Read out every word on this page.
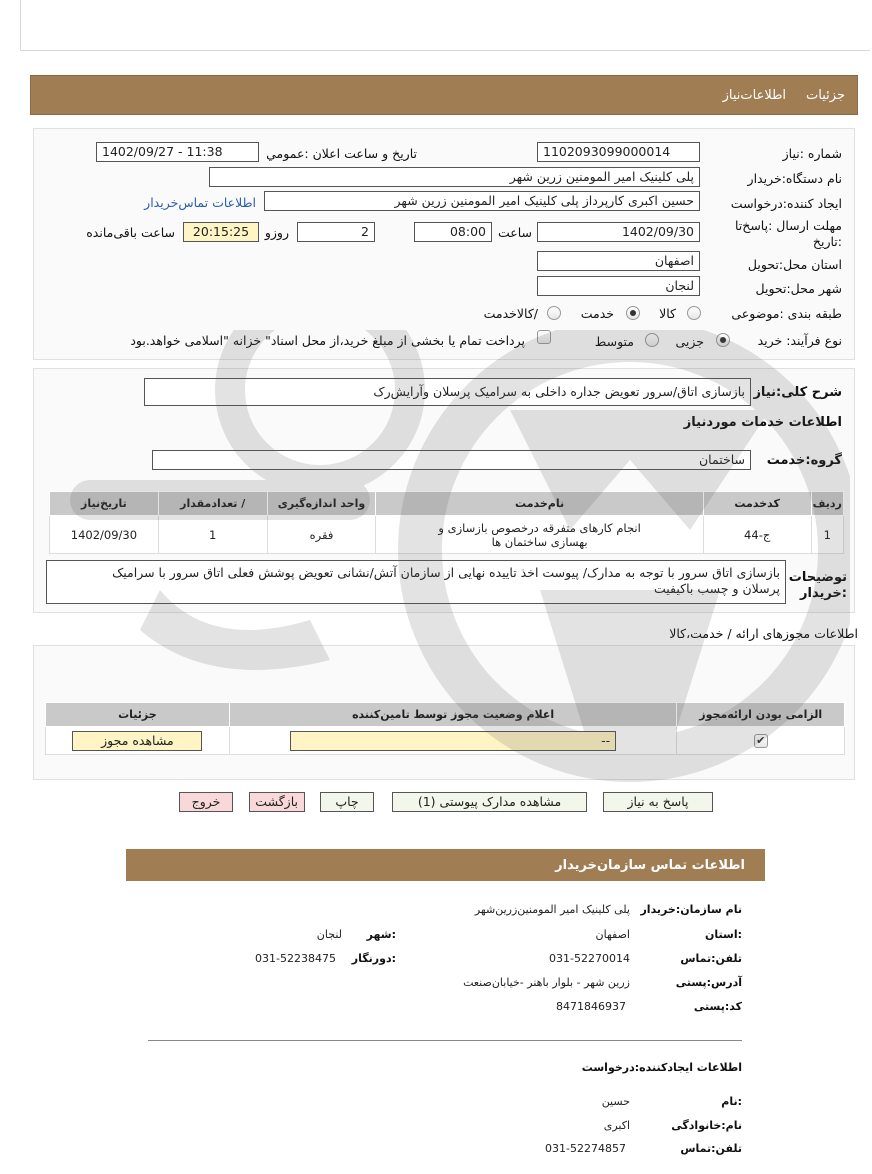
جزئیات
اطلاعات‌نیاز
شماره :نیاز
1102093099000014
تاریخ و ساعت اعلان :عمومي
1402/09/27 - 11:38
نام دستگاه:خریدار
پلی کلینیک امیر المومنین زرین شهر
ایجاد کننده:درخواست
حسین اکبری کارپرداز پلی کلینیک امیر المومنین زرین شهر
اطلاعات تماس‌خریدار
مهلت ارسال :پاسخ‌تا
:تاریخ
1402/09/30
ساعت
08:00
2
روزو
20:15:25
ساعت باقی‌مانده
استان محل:تحویل
اصفهان
شهر محل:تحویل
لنجان
طبقه بندی :موضوعی
کالا
خدمت
/کالاخدمت
نوع فرآیند: خرید
جزیی
متوسط
پرداخت تمام یا بخشی از مبلغ خرید،از محل اسناد" خزانه "اسلامی خواهد.بود
شرح کلی:نیاز
بازسازی اتاق/سرور تعویض جداره داخلی به سرامیک پرسلان وآرایش‌رک
اطلاعات خدمات موردنیاز
گروه:خدمت
ساختمان
ردیف	کدخدمت	نام‌خدمت	واحد اندازه‌گیری	/ تعدادمقدار	تاریخ‌نیاز
1	ج-44	انجام کارهای متفرقه درخصوص بازسازی و
بهسازی ساختمان ها	فقره	1	1402/09/30
توضیحات
:خریدار
بازسازی اتاق سرور با توجه به مدارک/ پیوست اخذ تاییده نهایی از سازمان آتش/نشانی تعویض پوشش فعلی اتاق سرور با سرامیک
پرسلان و چسب باکیفیت
اطلاعات مجوزهای ارائه / خدمت،کالا
الزامی بودن ارائه‌مجوز	اعلام وضعیت مجوز توسط تامین‌کننده	جزئیات
✔	--	مشاهده مجوز
پاسخ به نیاز
مشاهده مدارک پیوستی (1)
چاپ
بازگشت
خروج
اطلاعات تماس سازمان‌خریدار
نام سازمان:خریدار
پلی کلینیک امیر المومنین‌زرین‌شهر
:استان
اصفهان
:شهر
لنجان
تلفن:تماس
031-52270014
:دورنگار
031-52238475
آدرس:پستی
زرین شهر - بلوار باهنر -خیابان‌صنعت
کد:پستی
8471846937
اطلاعات ایجادکننده:درخواست
:نام
حسین
نام:خانوادگی
اکبری
تلفن:تماس
031-52274857
